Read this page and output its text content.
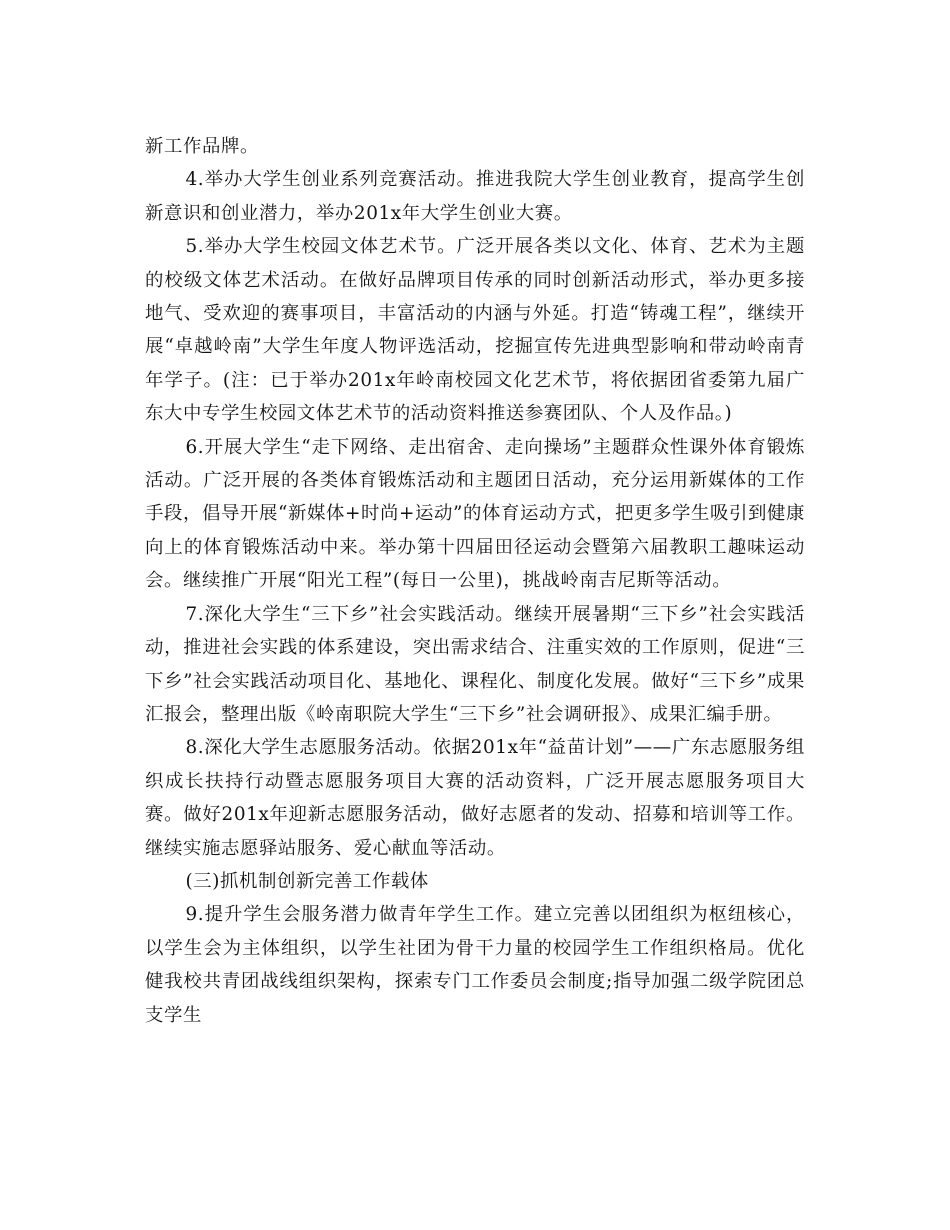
新工作品牌。

4.举办大学生创业系列竞赛活动。推进我院大学生创业教育，提高学生创新意识和创业潜力，举办201x年大学生创业大赛。

5.举办大学生校园文体艺术节。广泛开展各类以文化、体育、艺术为主题的校级文体艺术活动。在做好品牌项目传承的同时创新活动形式，举办更多接地气、受欢迎的赛事项目，丰富活动的内涵与外延。打造“铸魂工程”，继续开展“卓越岭南”大学生年度人物评选活动，挖掘宣传先进典型影响和带动岭南青年学子。(注：已于举办201x年岭南校园文化艺术节，将依据团省委第九届广东大中专学生校园文体艺术节的活动资料推送参赛团队、个人及作品。)

6.开展大学生“走下网络、走出宿舍、走向操场”主题群众性课外体育锻炼活动。广泛开展的各类体育锻炼活动和主题团日活动，充分运用新媒体的工作手段，倡导开展“新媒体+时尚+运动”的体育运动方式，把更多学生吸引到健康向上的体育锻炼活动中来。举办第十四届田径运动会暨第六届教职工趣味运动会。继续推广开展“阳光工程”(每日一公里)，挑战岭南吉尼斯等活动。

7.深化大学生“三下乡”社会实践活动。继续开展暑期“三下乡”社会实践活动，推进社会实践的体系建设，突出需求结合、注重实效的工作原则，促进“三下乡”社会实践活动项目化、基地化、课程化、制度化发展。做好“三下乡”成果汇报会，整理出版《岭南职院大学生“三下乡”社会调研报》、成果汇编手册。

8.深化大学生志愿服务活动。依据201x年“益苗计划”——广东志愿服务组织成长扶持行动暨志愿服务项目大赛的活动资料，广泛开展志愿服务项目大赛。做好201x年迎新志愿服务活动，做好志愿者的发动、招募和培训等工作。继续实施志愿驿站服务、爱心献血等活动。

(三)抓机制创新完善工作载体

9.提升学生会服务潜力做青年学生工作。建立完善以团组织为枢纽核心，以学生会为主体组织，以学生社团为骨干力量的校园学生工作组织格局。优化健我校共青团战线组织架构，探索专门工作委员会制度;指导加强二级学院团总支学生
